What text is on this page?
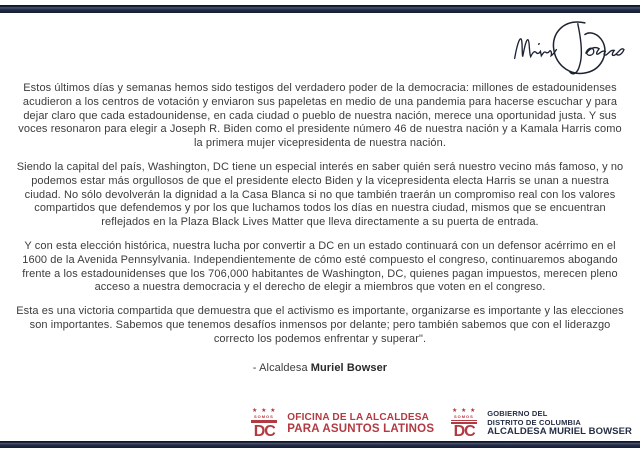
Estos últimos días y semanas hemos sido testigos del verdadero poder de la democracia: millones de estadounidenses acudieron a los centros de votación y enviaron sus papeletas en medio de una pandemia para hacerse escuchar y para dejar claro que cada estadounidense, en cada ciudad o pueblo de nuestra nación, merece una oportunidad justa. Y sus voces resonaron para elegir a Joseph R. Biden como el presidente número 46 de nuestra nación y a Kamala Harris como la primera mujer vicepresidenta de nuestra nación.

Siendo la capital del país, Washington, DC tiene un especial interés en saber quién será nuestro vecino más famoso, y no podemos estar más orgullosos de que el presidente electo Biden y la vicepresidenta electa Harris se unan a nuestra ciudad. No sólo devolverán la dignidad a la Casa Blanca si no que también traerán un compromiso real con los valores compartidos que defendemos y por los que luchamos todos los días en nuestra ciudad, mismos que se encuentran reflejados en la Plaza Black Lives Matter que lleva directamente a su puerta de entrada.

Y con esta elección histórica, nuestra lucha por convertir a DC en un estado continuará con un defensor acérrimo en el 1600 de la Avenida Pennsylvania. Independientemente de cómo esté compuesto el congreso, continuaremos abogando frente a los estadounidenses que los 706,000 habitantes de Washington, DC, quienes pagan impuestos, merecen pleno acceso a nuestra democracia y el derecho de elegir a miembros que voten en el congreso.

Esta es una victoria compartida que demuestra que el activismo es importante, organizarse es importante y las elecciones son importantes. Sabemos que tenemos desafíos inmensos por delante; pero también sabemos que con el liderazgo correcto los podemos enfrentar y superar".

- Alcaldesa Muriel Bowser
★ ★ ★
SOMOS
DC
OFICINA DE LA ALCALDESA
PARA ASUNTOS LATINOS
★ ★ ★
SOMOS
DC
GOBIERNO DEL
DISTRITO DE COLUMBIA
ALCALDESA MURIEL BOWSER
